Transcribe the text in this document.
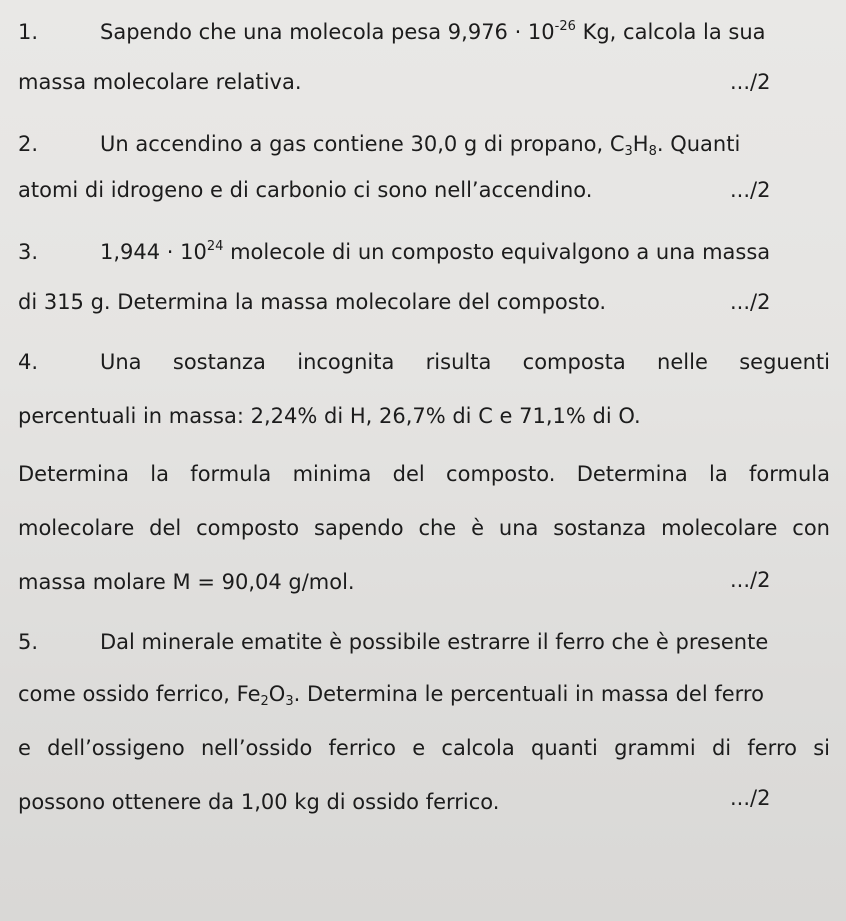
1.	Sapendo che una molecola pesa $9,976 \cdot 10^{-26}$ Kg, calcola la sua
massa molecolare relativa.	.../2
2.	Un accendino a gas contiene 30,0 g di propano, $C_3H_8$. Quanti
atomi di idrogeno e di carbonio ci sono nell’accendino.	.../2
3.	$1,944 \cdot 10^{24}$ molecole di un composto equivalgono a una massa
di 315 g. Determina la massa molecolare del composto.	.../2
4.	Una sostanza incognita risulta composta nelle seguenti
percentuali in massa: 2,24% di H, 26,7% di C e 71,1% di O.
Determina la formula minima del composto. Determina la formula
molecolare del composto sapendo che è una sostanza molecolare con
massa molare M = 90,04 g/mol.	.../2
5.	Dal minerale ematite è possibile estrarre il ferro che è presente
come ossido ferrico, $Fe_2O_3$. Determina le percentuali in massa del ferro
e dell’ossigeno nell’ossido ferrico e calcola quanti grammi di ferro si
possono ottenere da 1,00 kg di ossido ferrico.	.../2
